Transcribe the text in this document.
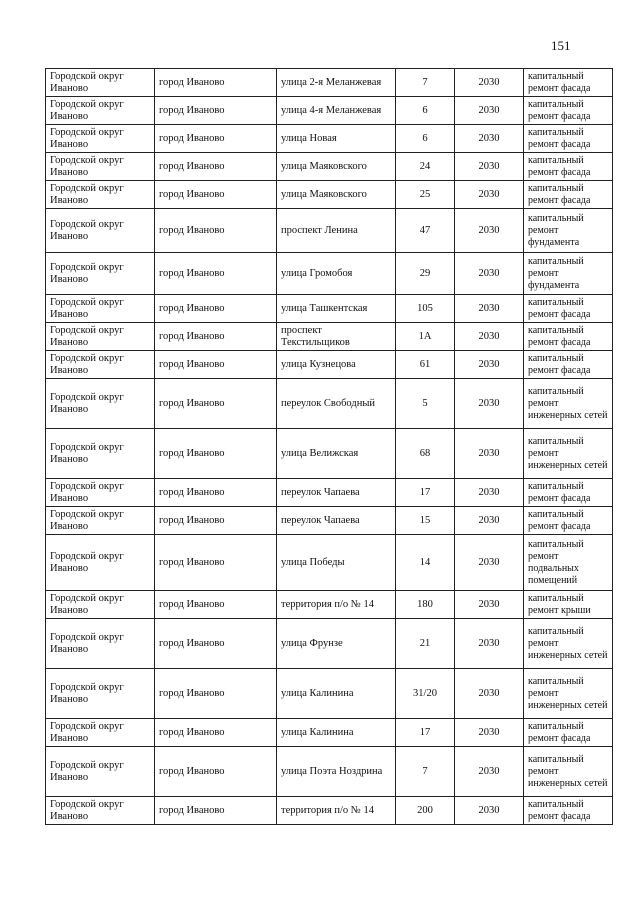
151
Городской округ Иваново	город Иваново	улица 2-я Меланжевая	7	2030	капитальный ремонт фасада
Городской округ Иваново	город Иваново	улица 4-я Меланжевая	6	2030	капитальный ремонт фасада
Городской округ Иваново	город Иваново	улица Новая	6	2030	капитальный ремонт фасада
Городской округ Иваново	город Иваново	улица Маяковского	24	2030	капитальный ремонт фасада
Городской округ Иваново	город Иваново	улица Маяковского	25	2030	капитальный ремонт фасада
Городской округ Иваново	город Иваново	проспект Ленина	47	2030	капитальный ремонт фундамента
Городской округ Иваново	город Иваново	улица Громобоя	29	2030	капитальный ремонт фундамента
Городской округ Иваново	город Иваново	улица Ташкентская	105	2030	капитальный ремонт фасада
Городской округ Иваново	город Иваново	проспект Текстильщиков	1А	2030	капитальный ремонт фасада
Городской округ Иваново	город Иваново	улица Кузнецова	61	2030	капитальный ремонт фасада
Городской округ Иваново	город Иваново	переулок Свободный	5	2030	капитальный ремонт инженерных сетей
Городской округ Иваново	город Иваново	улица Велижская	68	2030	капитальный ремонт инженерных сетей
Городской округ Иваново	город Иваново	переулок Чапаева	17	2030	капитальный ремонт фасада
Городской округ Иваново	город Иваново	переулок Чапаева	15	2030	капитальный ремонт фасада
Городской округ Иваново	город Иваново	улица Победы	14	2030	капитальный ремонт подвальных помещений
Городской округ Иваново	город Иваново	территория п/о № 14	180	2030	капитальный ремонт крыши
Городской округ Иваново	город Иваново	улица Фрунзе	21	2030	капитальный ремонт инженерных сетей
Городской округ Иваново	город Иваново	улица Калинина	31/20	2030	капитальный ремонт инженерных сетей
Городской округ Иваново	город Иваново	улица Калинина	17	2030	капитальный ремонт фасада
Городской округ Иваново	город Иваново	улица Поэта Ноздрина	7	2030	капитальный ремонт инженерных сетей
Городской округ Иваново	город Иваново	территория п/о № 14	200	2030	капитальный ремонт фасада
